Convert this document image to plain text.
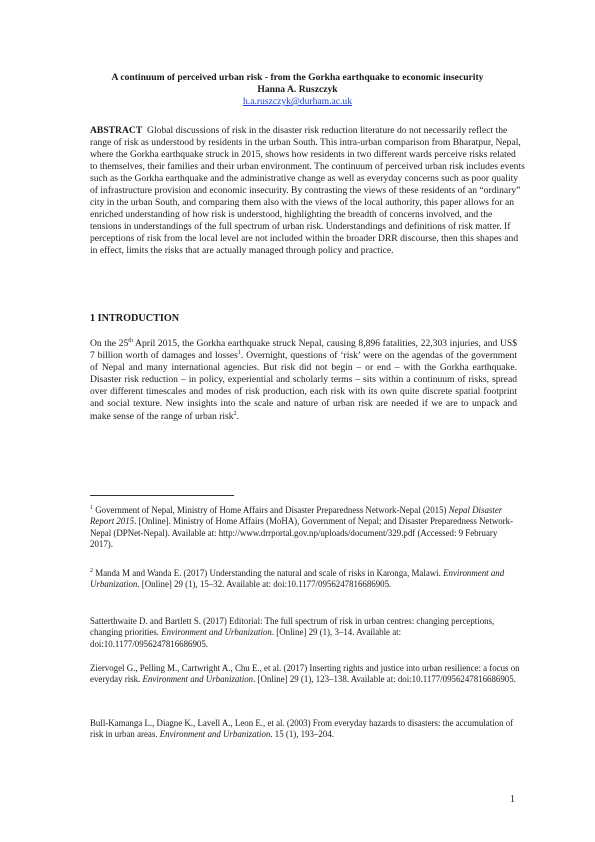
A continuum of perceived urban risk - from the Gorkha earthquake to economic insecurity
Hanna A. Ruszczyk
h.a.ruszczyk@durham.ac.uk

ABSTRACT Global discussions of risk in the disaster risk reduction literature do not necessarily reflect the range of risk as understood by residents in the urban South. This intra-urban comparison from Bharatpur, Nepal, where the Gorkha earthquake struck in 2015, shows how residents in two different wards perceive risks related to themselves, their families and their urban environment. The continuum of perceived urban risk includes events such as the Gorkha earthquake and the administrative change as well as everyday concerns such as poor quality of infrastructure provision and economic insecurity. By contrasting the views of these residents of an “ordinary” city in the urban South, and comparing them also with the views of the local authority, this paper allows for an enriched understanding of how risk is understood, highlighting the breadth of concerns involved, and the tensions in understandings of the full spectrum of urban risk. Understandings and definitions of risk matter. If perceptions of risk from the local level are not included within the broader DRR discourse, then this shapes and in effect, limits the risks that are actually managed through policy and practice.

1 INTRODUCTION

On the 25th April 2015, the Gorkha earthquake struck Nepal, causing 8,896 fatalities, 22,303 injuries, and US$ 7 billion worth of damages and losses$^1$. Overnight, questions of ‘risk’ were on the agendas of the government of Nepal and many international agencies. But risk did not begin – or end – with the Gorkha earthquake. Disaster risk reduction – in policy, experiential and scholarly terms – sits within a continuum of risks, spread over different timescales and modes of risk production, each risk with its own quite discrete spatial footprint and social texture. New insights into the scale and nature of urban risk are needed if we are to unpack and make sense of the range of urban risk$^2$.

$^1$ Government of Nepal, Ministry of Home Affairs and Disaster Preparedness Network-Nepal (2015) Nepal Disaster Report 2015. [Online]. Ministry of Home Affairs (MoHA), Government of Nepal; and Disaster Preparedness Network-Nepal (DPNet-Nepal). Available at: http://www.drrportal.gov.np/uploads/document/329.pdf (Accessed: 9 February 2017).

$^2$ Manda M and Wanda E. (2017) Understanding the natural and scale of risks in Karonga, Malawi. Environment and Urbanization. [Online] 29 (1), 15–32. Available at: doi:10.1177/0956247816686905.

Satterthwaite D. and Bartlett S. (2017) Editorial: The full spectrum of risk in urban centres: changing perceptions, changing priorities. Environment and Urbanization. [Online] 29 (1), 3–14. Available at: doi:10.1177/0956247816686905.

Ziervogel G., Pelling M., Cartwright A., Chu E., et al. (2017) Inserting rights and justice into urban resilience: a focus on everyday risk. Environment and Urbanization. [Online] 29 (1), 123–138. Available at: doi:10.1177/0956247816686905.

Bull-Kamanga L., Diagne K., Lavell A., Leon E., et al. (2003) From everyday hazards to disasters: the accumulation of risk in urban areas. Environment and Urbanization. 15 (1), 193–204.

1
